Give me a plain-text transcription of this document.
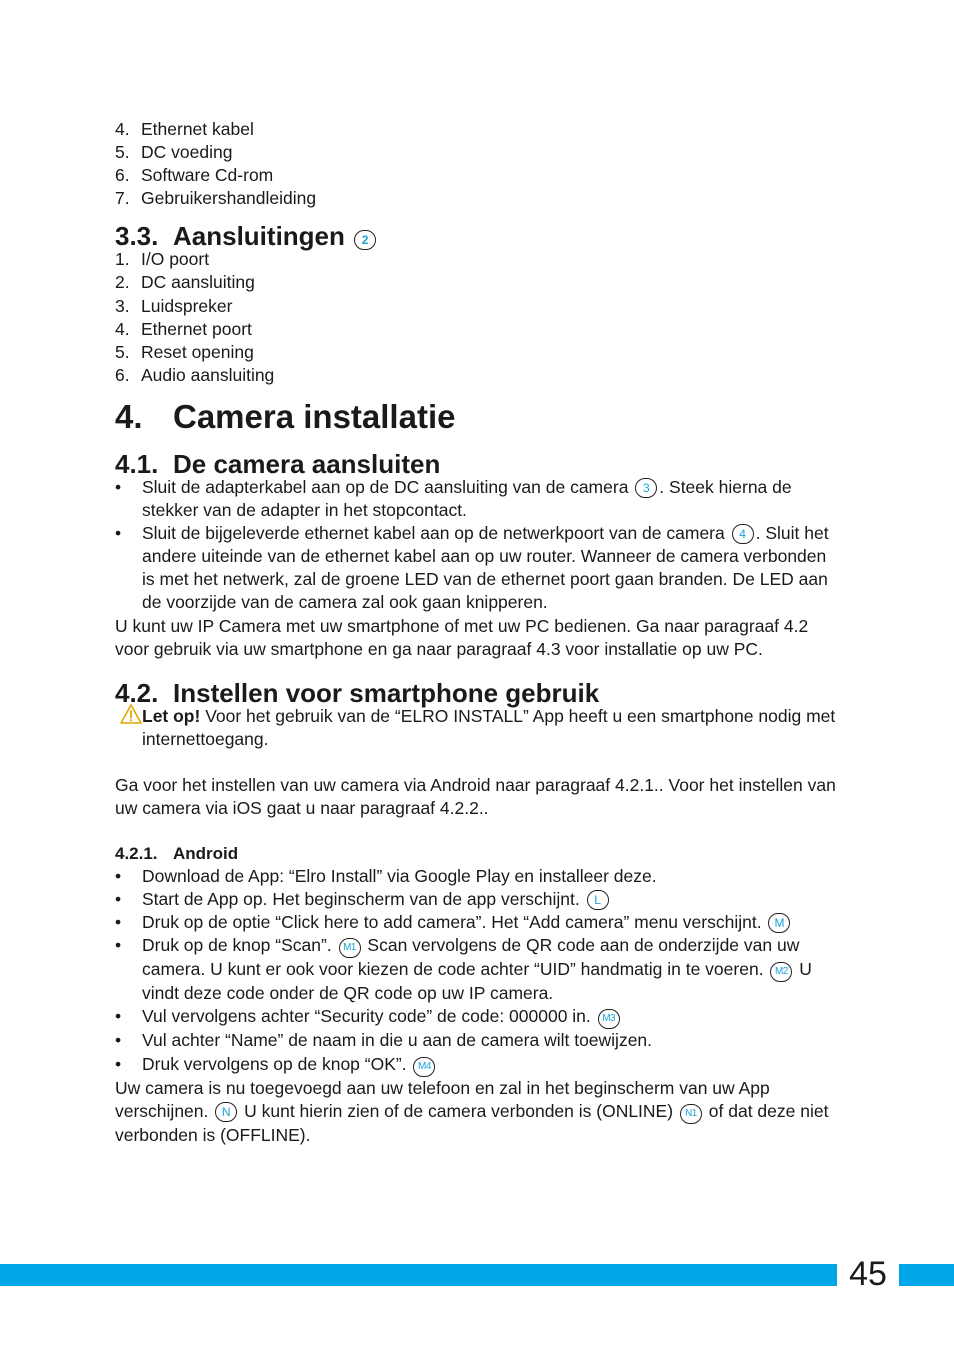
4. Ethernet kabel
5. DC voeding
6. Software Cd-rom
7. Gebruikershandleiding
3.3. Aansluitingen 2
1. I/O poort
2. DC aansluiting
3. Luidspreker
4. Ethernet poort
5. Reset opening
6. Audio aansluiting
4. Camera installatie
4.1. De camera aansluiten
• Sluit de adapterkabel aan op de DC aansluiting van de camera 3 . Steek hierna de stekker van de adapter in het stopcontact.
• Sluit de bijgeleverde ethernet kabel aan op de netwerkpoort van de camera 4 . Sluit het andere uiteinde van de ethernet kabel aan op uw router. Wanneer de camera verbonden is met het netwerk, zal de groene LED van de ethernet poort gaan branden. De LED aan de voorzijde van de camera zal ook gaan knipperen.

U kunt uw IP Camera met uw smartphone of met uw PC bedienen. Ga naar paragraaf 4.2 voor gebruik via uw smartphone en ga naar paragraaf 4.3 voor installatie op uw PC.

4.2. Instellen voor smartphone gebruik
Let op! Voor het gebruik van de “ELRO INSTALL” App heeft u een smartphone nodig met internettoegang.

Ga voor het instellen van uw camera via Android naar paragraaf 4.2.1.. Voor het instellen van uw camera via iOS gaat u naar paragraaf 4.2.2..

4.2.1. Android
• Download de App: “Elro Install” via Google Play en installeer deze.
• Start de App op. Het beginscherm van de app verschijnt. L
• Druk op de optie “Click here to add camera”. Het “Add camera” menu verschijnt. M
• Druk op de knop “Scan”. M1 Scan vervolgens de QR code aan de onderzijde van uw camera. U kunt er ook voor kiezen de code achter “UID” handmatig in te voeren. M2 U vindt deze code onder de QR code op uw IP camera.
• Vul vervolgens achter “Security code” de code: 000000 in. M3
• Vul achter “Name” de naam in die u aan de camera wilt toewijzen.
• Druk vervolgens op de knop “OK”. M4

Uw camera is nu toegevoegd aan uw telefoon en zal in het beginscherm van uw App verschijnen. N U kunt hierin zien of de camera verbonden is (ONLINE) N1 of dat deze niet verbonden is (OFFLINE).

45
